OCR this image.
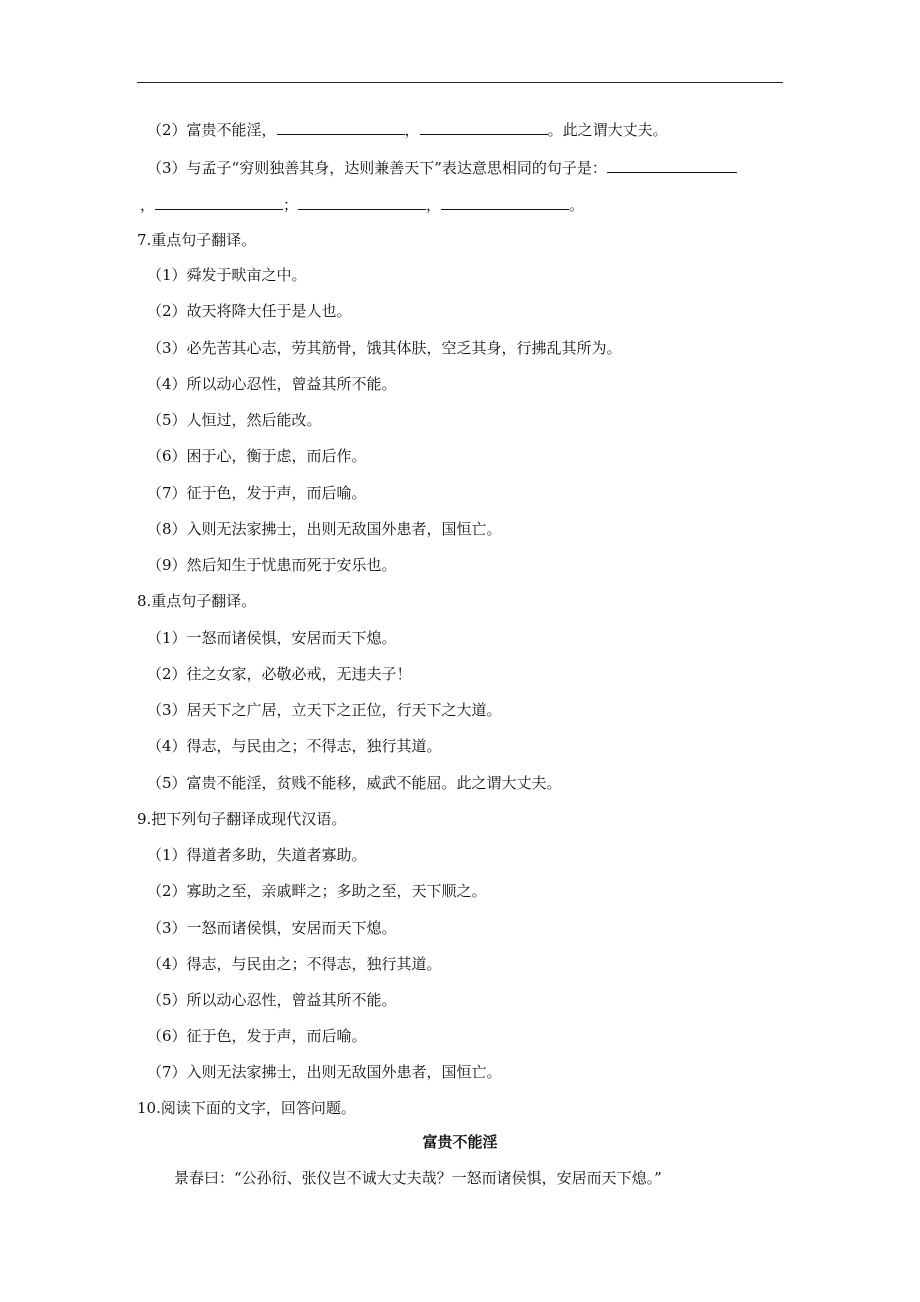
（2）富贵不能淫，	，	。此之谓大丈夫。
（3）与孟子“穷则独善其身，达则兼善天下”表达意思相同的句子是：
，	；	，	。
7.重点句子翻译。
（1）舜发于畎亩之中。
（2）故天将降大任于是人也。
（3）必先苦其心志，劳其筋骨，饿其体肤，空乏其身，行拂乱其所为。
（4）所以动心忍性，曾益其所不能。
（5）人恒过，然后能改。
（6）困于心，衡于虑，而后作。
（7）征于色，发于声，而后喻。
（8）入则无法家拂士，出则无敌国外患者，国恒亡。
（9）然后知生于忧患而死于安乐也。
8.重点句子翻译。
（1）一怒而诸侯惧，安居而天下熄。
（2）往之女家，必敬必戒，无违夫子！
（3）居天下之广居，立天下之正位，行天下之大道。
（4）得志，与民由之；不得志，独行其道。
（5）富贵不能淫，贫贱不能移，威武不能屈。此之谓大丈夫。
9.把下列句子翻译成现代汉语。
（1）得道者多助，失道者寡助。
（2）寡助之至，亲戚畔之；多助之至，天下顺之。
（3）一怒而诸侯惧，安居而天下熄。
（4）得志，与民由之；不得志，独行其道。
（5）所以动心忍性，曾益其所不能。
（6）征于色，发于声，而后喻。
（7）入则无法家拂士，出则无敌国外患者，国恒亡。
10.阅读下面的文字，回答问题。
富贵不能淫
景春曰：“公孙衍、张仪岂不诚大丈夫哉？一怒而诸侯惧，安居而天下熄。”
